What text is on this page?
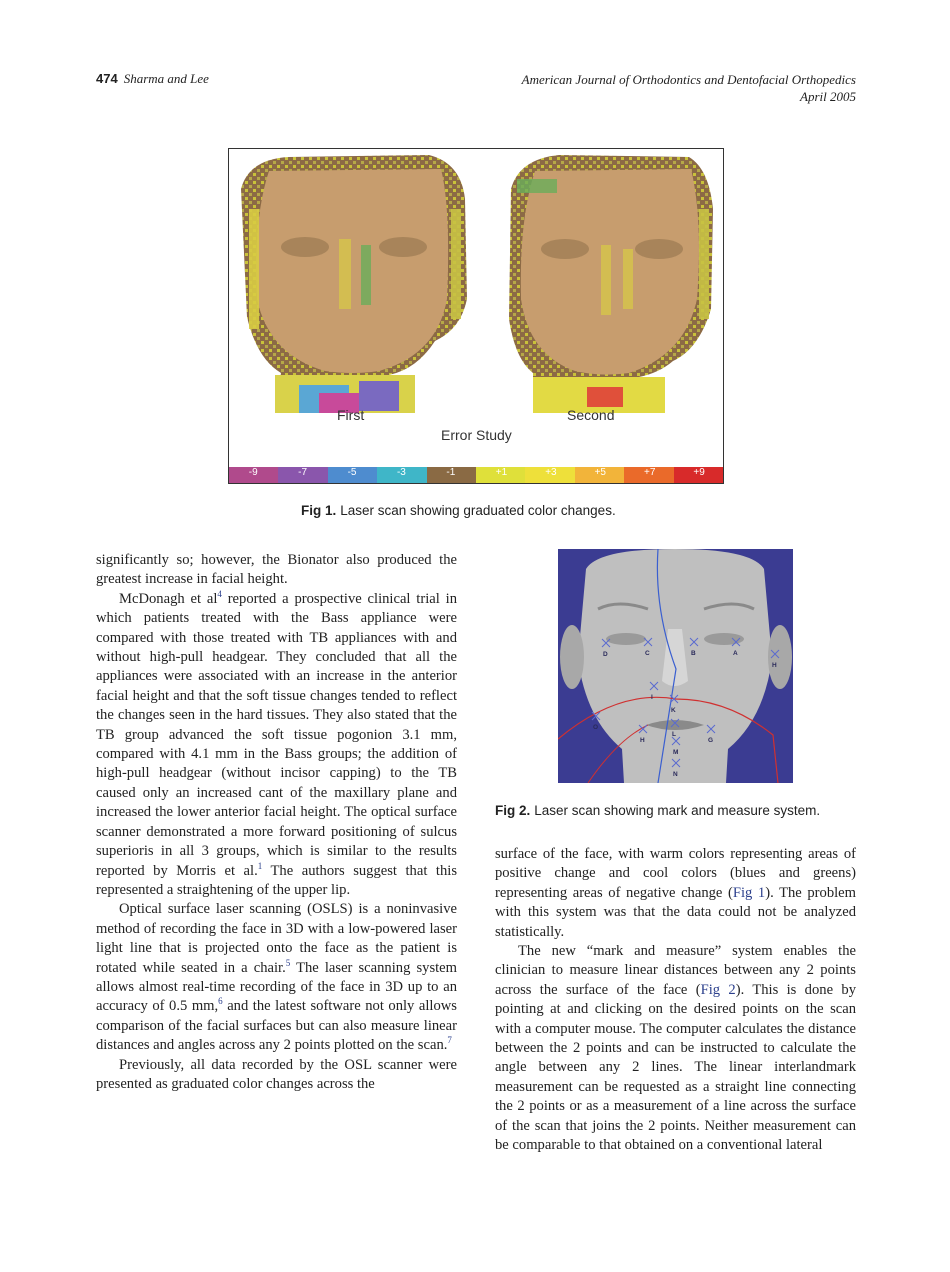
474 Sharma and Lee	American Journal of Orthodontics and Dentofacial Orthopedics
April 2005
First	Second
Error Study
-9	-7	-5	-3	-1	+1	+3	+5	+7	+9
Fig 1. Laser scan showing graduated color changes.
D	C	B	A
H
I
K
L
O
H	G
M
N
Fig 2. Laser scan showing mark and measure system.

significantly so; however, the Bionator also produced the greatest increase in facial height.

McDonagh et $al^4$ reported a prospective clinical trial in which patients treated with the Bass appliance were compared with those treated with TB appliances with and without high-pull headgear. They concluded that all the appliances were associated with an increase in the anterior facial height and that the soft tissue changes tended to reflect the changes seen in the hard tissues. They also stated that the TB group advanced the soft tissue pogonion 3.1 mm, compared with 4.1 mm in the Bass groups; the addition of high-pull headgear (without incisor capping) to the TB caused only an increased cant of the maxillary plane and increased the lower anterior facial height. The optical surface scanner demonstrated a more forward positioning of sulcus superioris in all 3 groups, which is similar to the results reported by Morris et al.$^1$ The authors suggest that this represented a straightening of the upper lip.

Optical surface laser scanning (OSLS) is a noninvasive method of recording the face in 3D with a low-powered laser light line that is projected onto the face as the patient is rotated while seated in a chair.$^5$ The laser scanning system allows almost real-time recording of the face in 3D up to an accuracy of 0.5 mm,$^6$ and the latest software not only allows comparison of the facial surfaces but can also measure linear distances and angles across any 2 points plotted on the scan.$^7$

Previously, all data recorded by the OSL scanner were presented as graduated color changes across the

surface of the face, with warm colors representing areas of positive change and cool colors (blues and greens) representing areas of negative change (Fig 1). The problem with this system was that the data could not be analyzed statistically.

The new “mark and measure” system enables the clinician to measure linear distances between any 2 points across the surface of the face (Fig 2). This is done by pointing at and clicking on the desired points on the scan with a computer mouse. The computer calculates the distance between the 2 points and can be instructed to calculate the angle between any 2 lines. The linear interlandmark measurement can be requested as a straight line connecting the 2 points or as a measurement of a line across the surface of the scan that joins the 2 points. Neither measurement can be comparable to that obtained on a conventional lateral
